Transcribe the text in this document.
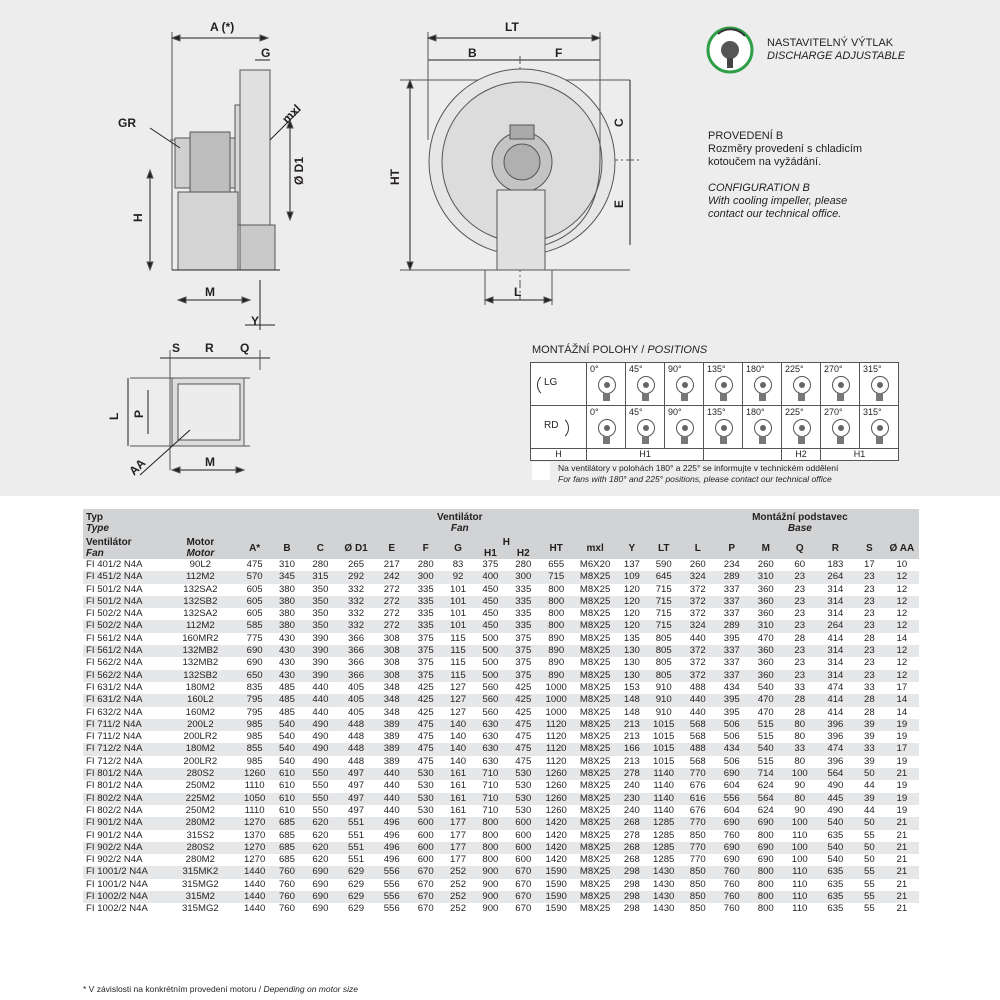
A (*)
G
GR
H
M
Y
mxl
Ø D1
LT
B	F
C
E
HT
L
S R Q
L P
AA	M
NASTAVITELNÝ VÝTLAK
DISCHARGE ADJUSTABLE
PROVEDENÍ B
Rozměry provedení s chladicím
kotoučem na vyžádání.
CONFIGURATION B
With cooling impeller, please
contact our technical office.
MONTÁŽNÍ POLOHY / POSITIONS
LG	0°	45°	90°	135°	180°	225°	270°	315°

RD	0°	45°	90°	135°	180°	225°	270°	315°

H	H1					H2	H1	
Na ventilátory v polohách 180° a 225° se informujte v technickém oddělení
For fans with 180° and 225° positions, please contact our technical office
Typ
Type		Ventilátor
Fan													Montážní podstavec
Base						
Ventilátor
Fan	Motor
Motor	A*	B	C	Ø D1	E	F	G	H		HT	mxl	Y	LT	L	P	M	Q	R	S	Ø AA
									H1	H2											
FI 401/2 N4A	90L2	475	310	280	265	217	280	83	375	280	655	M6X20	137	590	260	234	260	60	183	17	10
FI 451/2 N4A	112M2	570	345	315	292	242	300	92	400	300	715	M8X25	109	645	324	289	310	23	264	23	12
FI 501/2 N4A	132SA2	605	380	350	332	272	335	101	450	335	800	M8X25	120	715	372	337	360	23	314	23	12
FI 501/2 N4A	132SB2	605	380	350	332	272	335	101	450	335	800	M8X25	120	715	372	337	360	23	314	23	12
FI 502/2 N4A	132SA2	605	380	350	332	272	335	101	450	335	800	M8X25	120	715	372	337	360	23	314	23	12
FI 502/2 N4A	112M2	585	380	350	332	272	335	101	450	335	800	M8X25	120	715	324	289	310	23	264	23	12
FI 561/2 N4A	160MR2	775	430	390	366	308	375	115	500	375	890	M8X25	135	805	440	395	470	28	414	28	14
FI 561/2 N4A	132MB2	690	430	390	366	308	375	115	500	375	890	M8X25	130	805	372	337	360	23	314	23	12
FI 562/2 N4A	132MB2	690	430	390	366	308	375	115	500	375	890	M8X25	130	805	372	337	360	23	314	23	12
FI 562/2 N4A	132SB2	650	430	390	366	308	375	115	500	375	890	M8X25	130	805	372	337	360	23	314	23	12
FI 631/2 N4A	180M2	835	485	440	405	348	425	127	560	425	1000	M8X25	153	910	488	434	540	33	474	33	17
FI 631/2 N4A	160L2	795	485	440	405	348	425	127	560	425	1000	M8X25	148	910	440	395	470	28	414	28	14
FI 632/2 N4A	160M2	795	485	440	405	348	425	127	560	425	1000	M8X25	148	910	440	395	470	28	414	28	14
FI 711/2 N4A	200L2	985	540	490	448	389	475	140	630	475	1120	M8X25	213	1015	568	506	515	80	396	39	19
FI 711/2 N4A	200LR2	985	540	490	448	389	475	140	630	475	1120	M8X25	213	1015	568	506	515	80	396	39	19
FI 712/2 N4A	180M2	855	540	490	448	389	475	140	630	475	1120	M8X25	166	1015	488	434	540	33	474	33	17
FI 712/2 N4A	200LR2	985	540	490	448	389	475	140	630	475	1120	M8X25	213	1015	568	506	515	80	396	39	19
FI 801/2 N4A	280S2	1260	610	550	497	440	530	161	710	530	1260	M8X25	278	1140	770	690	714	100	564	50	21
FI 801/2 N4A	250M2	1110	610	550	497	440	530	161	710	530	1260	M8X25	240	1140	676	604	624	90	490	44	19
FI 802/2 N4A	225M2	1050	610	550	497	440	530	161	710	530	1260	M8X25	230	1140	616	556	564	80	445	39	19
FI 802/2 N4A	250M2	1110	610	550	497	440	530	161	710	530	1260	M8X25	240	1140	676	604	624	90	490	44	19
FI 901/2 N4A	280M2	1270	685	620	551	496	600	177	800	600	1420	M8X25	268	1285	770	690	690	100	540	50	21
FI 901/2 N4A	315S2	1370	685	620	551	496	600	177	800	600	1420	M8X25	278	1285	850	760	800	110	635	55	21
FI 902/2 N4A	280S2	1270	685	620	551	496	600	177	800	600	1420	M8X25	268	1285	770	690	690	100	540	50	21
FI 902/2 N4A	280M2	1270	685	620	551	496	600	177	800	600	1420	M8X25	268	1285	770	690	690	100	540	50	21
FI 1001/2 N4A	315MK2	1440	760	690	629	556	670	252	900	670	1590	M8X25	298	1430	850	760	800	110	635	55	21
FI 1001/2 N4A	315MG2	1440	760	690	629	556	670	252	900	670	1590	M8X25	298	1430	850	760	800	110	635	55	21
FI 1002/2 N4A	315M2	1440	760	690	629	556	670	252	900	670	1590	M8X25	298	1430	850	760	800	110	635	55	21
FI 1002/2 N4A	315MG2	1440	760	690	629	556	670	252	900	670	1590	M8X25	298	1430	850	760	800	110	635	55	21
* V závislosti na konkrétním provedení motoru / Depending on motor size
